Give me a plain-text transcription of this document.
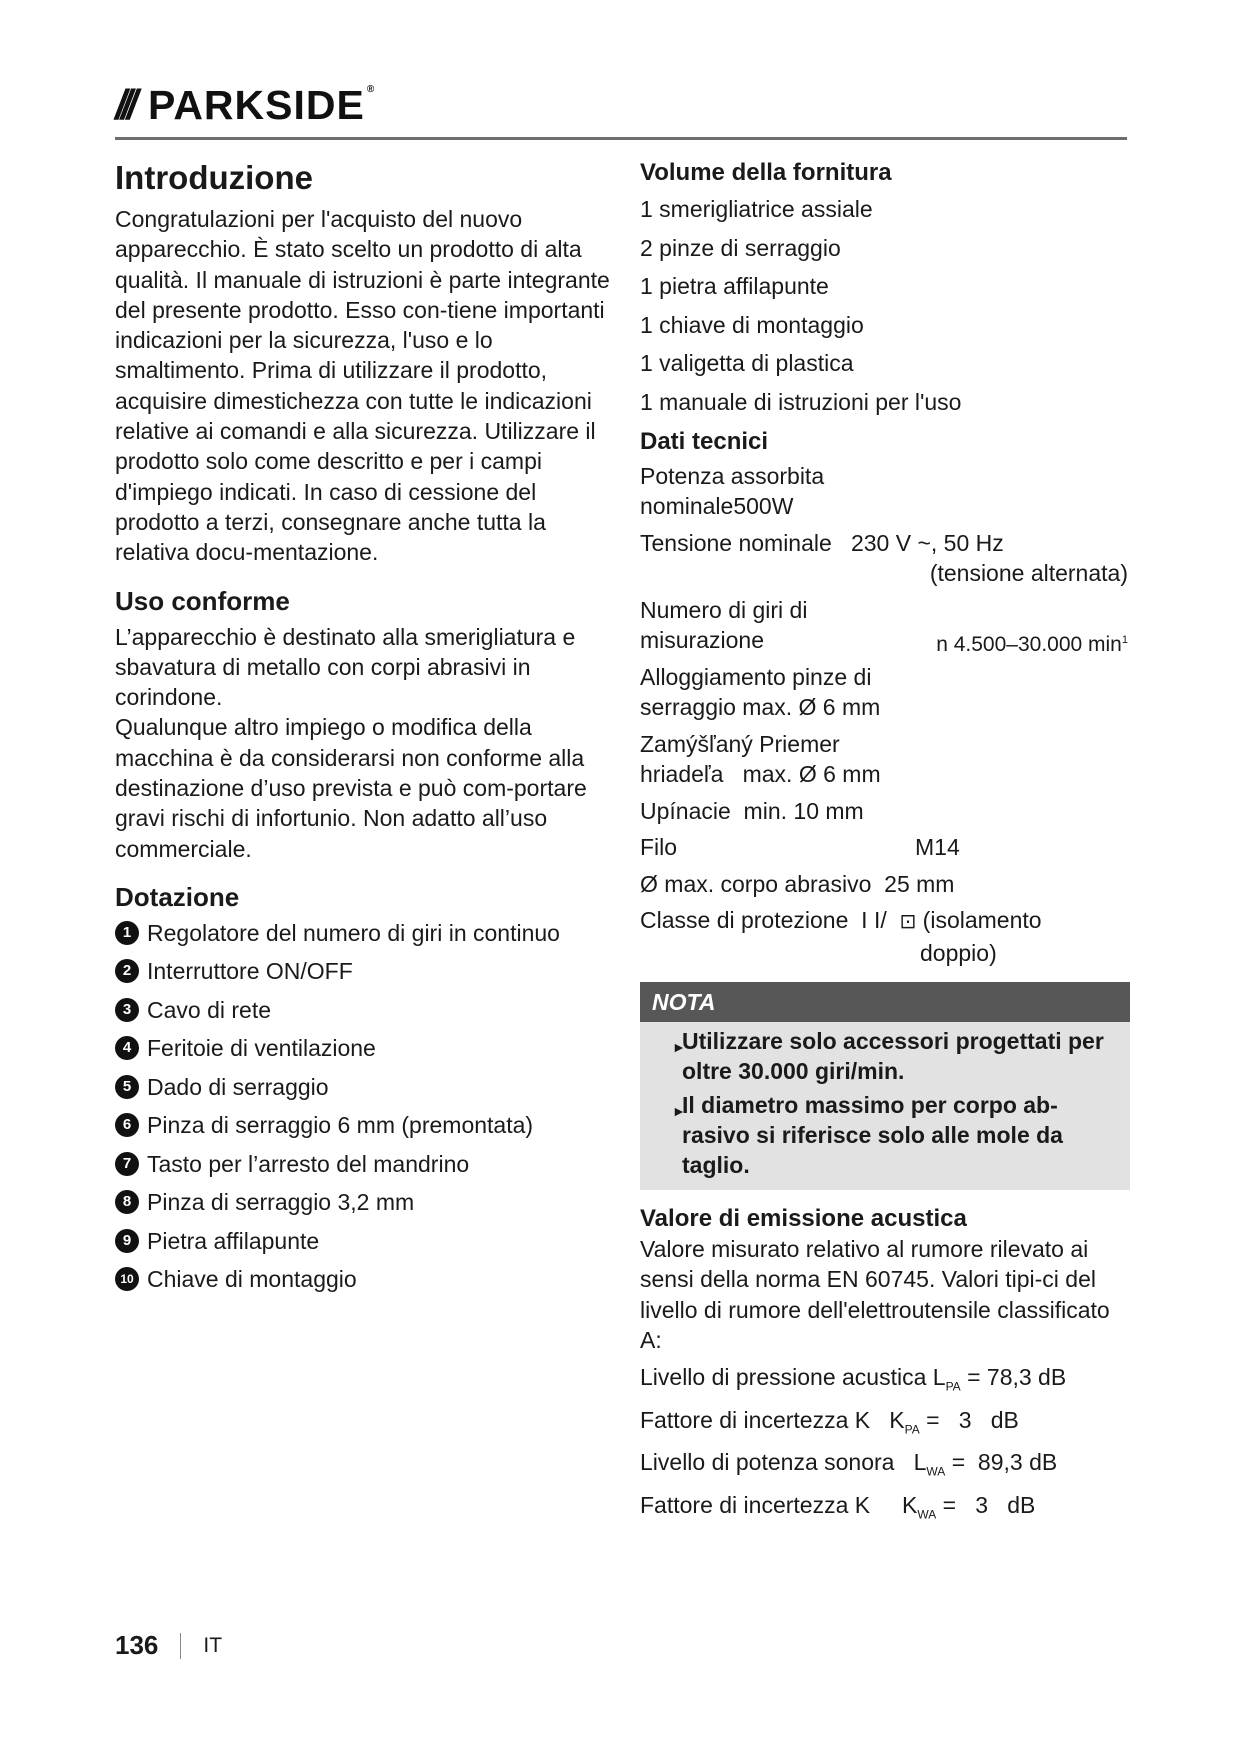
/// PARKSIDE ®
Introduzione

Congratulazioni per l'acquisto del nuovo apparecchio. È stato scelto un prodotto di alta qualità. Il manuale di istruzioni è parte integrante del presente prodotto. Esso con-tiene importanti indicazioni per la sicurezza, l'uso e lo smaltimento. Prima di utilizzare il prodotto, acquisire dimestichezza con tutte le indicazioni relative ai comandi e alla sicurezza. Utilizzare il prodotto solo come descritto e per i campi d'impiego indicati. In caso di cessione del prodotto a terzi, consegnare anche tutta la relativa docu-mentazione.

Uso conforme

L’apparecchio è destinato alla smerigliatura e sbavatura di metallo con corpi abrasivi in corindone.

Qualunque altro impiego o modifica della macchina è da considerarsi non conforme alla destinazione d’uso prevista e può com-portare gravi rischi di infortunio. Non adatto all’uso commerciale.

Dotazione
1 Regolatore del numero di giri in continuo
2 Interruttore ON/OFF
3 Cavo di rete
4 Feritoie di ventilazione
5 Dado di serraggio
6 Pinza di serraggio 6 mm (premontata)
7 Tasto per l’arresto del mandrino
8 Pinza di serraggio 3,2 mm
9 Pietra affilapunte
10 Chiave di montaggio
Volume della fornitura
1 smerigliatrice assiale
2 pinze di serraggio
1 pietra affilapunte
1 chiave di montaggio
1 valigetta di plastica
1 manuale di istruzioni per l'uso
Dati tecnici
Potenza assorbita
nominale500W
Tensione nominale 230 V ~, 50 Hz
(tensione alternata)
Numero di giri di
misurazione	n 4.500–30.000 $\min^1$
Alloggiamento pinze di
serraggio max. Ø 6 mm
Zamýšľaný Priemer
hriadeľa   max. Ø 6 mm
Upínacie  min. 10 mm
Filo	M14
Ø max. corpo abrasivo  25 mm
Classe di protezione  I I/ ⊡ (isolamento
doppio)
NOTA
►
Utilizzare solo accessori progettati per oltre 30.000 giri/min.
►
Il diametro massimo per corpo ab-rasivo si riferisce solo alle mole da taglio.
Valore di emissione acustica

Valore misurato relativo al rumore rilevato ai sensi della norma EN 60745. Valori tipi-ci del livello di rumore dell'elettroutensile classificato A:

Livello di pressione acustica $L_{PA} = 78,3$ dB
Fattore di incertezza K   $K_{PA} = 3$   dB
Livello di potenza sonora   $L_{WA} = 89,3$ dB
Fattore di incertezza K     $K_{WA} = 3$   dB
136 IT
